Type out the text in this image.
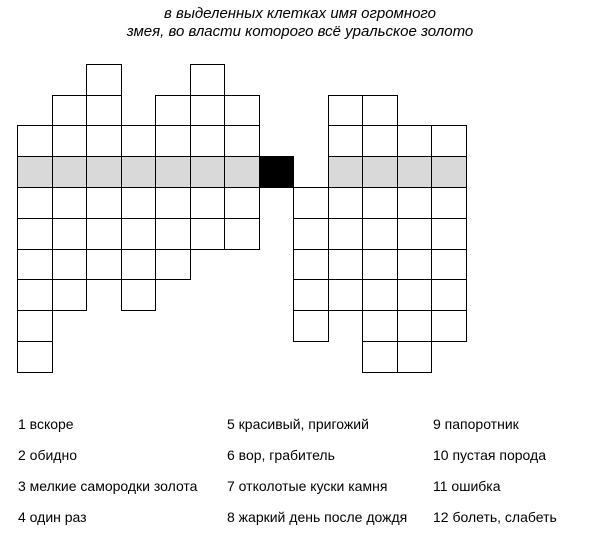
в выделенных клетках имя огромного
змея, во власти которого всё уральское золото
1 вскоре
2 обидно
3 мелкие самородки золота
4 один раз
5 красивый, пригожий
6 вор, грабитель
7 отколотые куски камня
8 жаркий день после дождя
9 папоротник
10 пустая порода
11 ошибка
12 болеть, слабеть
